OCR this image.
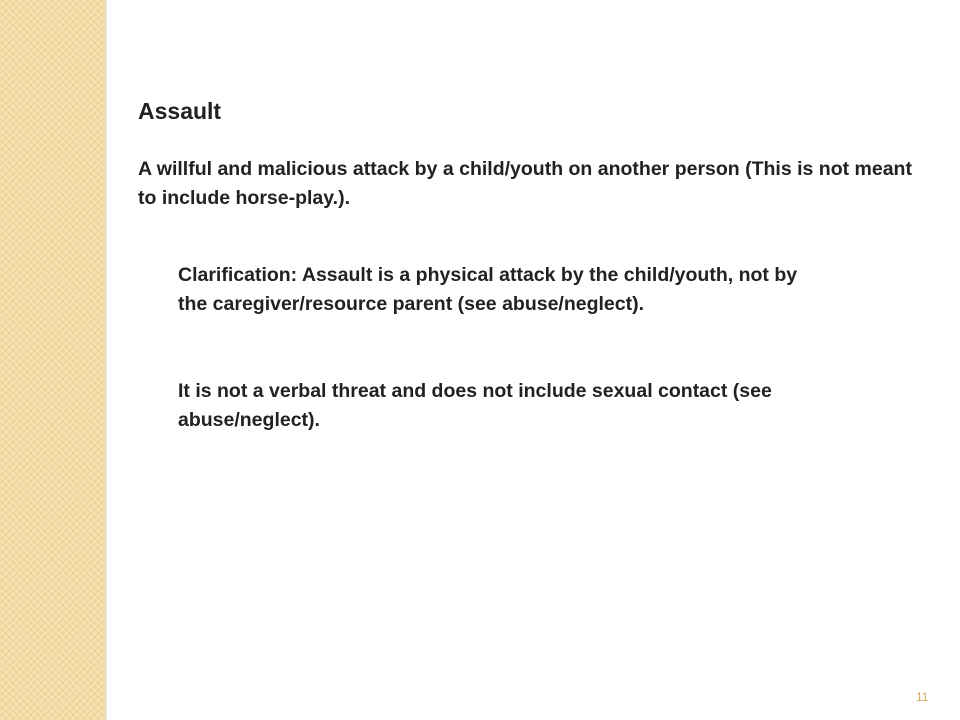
Assault

A willful and malicious attack by a child/youth on another person (This is not meant to include horse-play.).

Clarification: Assault is a physical attack by the child/youth, not by the caregiver/resource parent (see abuse/neglect).

It is not a verbal threat and does not include sexual contact (see abuse/neglect).

11
